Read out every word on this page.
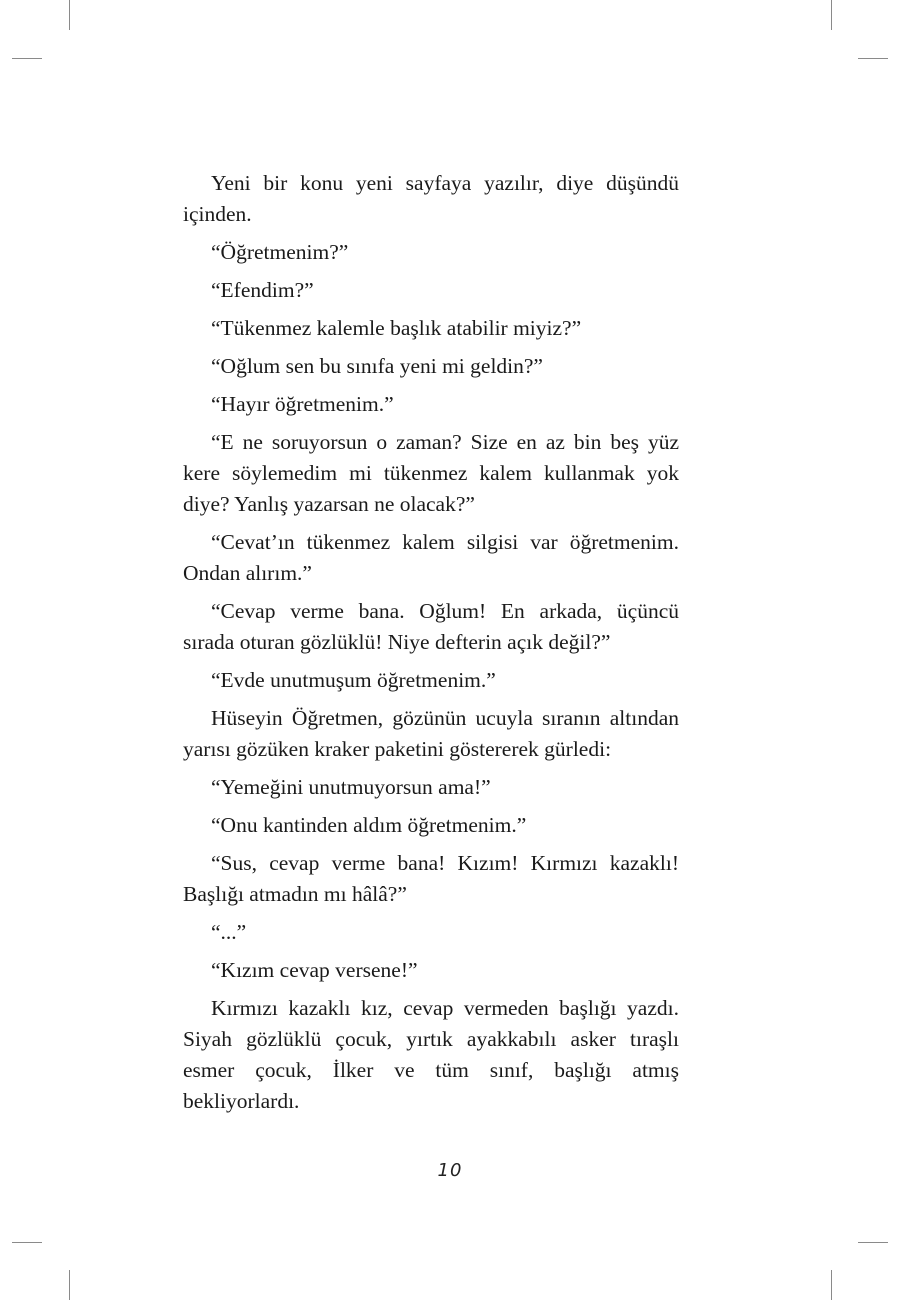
Yeni bir konu yeni sayfaya yazılır, diye düşündü içinden.

“Öğretmenim?”

“Efendim?”

“Tükenmez kalemle başlık atabilir miyiz?”

“Oğlum sen bu sınıfa yeni mi geldin?”

“Hayır öğretmenim.”

“E ne soruyorsun o zaman? Size en az bin beş yüz kere söylemedim mi tükenmez kalem kullanmak yok diye? Yanlış yazarsan ne olacak?”

“Cevat’ın tükenmez kalem silgisi var öğretmenim. Ondan alırım.”

“Cevap verme bana. Oğlum! En arkada, üçüncü sırada oturan gözlüklü! Niye defterin açık değil?”

“Evde unutmuşum öğretmenim.”

Hüseyin Öğretmen, gözünün ucuyla sıranın altından yarısı gözüken kraker paketini göstererek gürledi:

“Yemeğini unutmuyorsun ama!”

“Onu kantinden aldım öğretmenim.”

“Sus, cevap verme bana! Kızım! Kırmızı kazaklı! Başlığı atmadın mı hâlâ?”

“...”

“Kızım cevap versene!”

Kırmızı kazaklı kız, cevap vermeden başlığı yazdı. Siyah gözlüklü çocuk, yırtık ayakkabılı asker tıraşlı esmer çocuk, İlker ve tüm sınıf, başlığı atmış bekliyorlardı.

10
